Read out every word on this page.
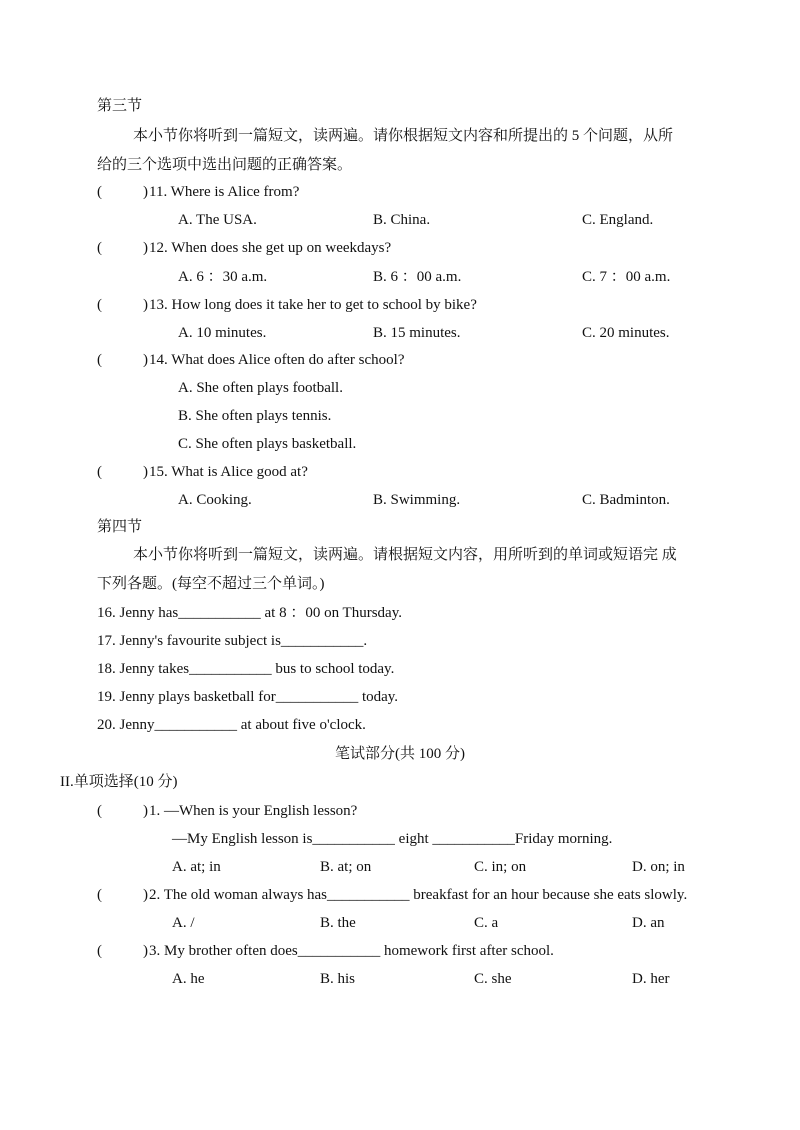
第三节
本小节你将听到一篇短文，读两遍。请你根据短文内容和所提出的 5 个问题，从所
给的三个选项中选出问题的正确答案。
(	) 11. Where is Alice from?
A. The USA.	B. China.	C. England.
(	) 12. When does she get up on weekdays?
A. 6 ：30 a.m.	B. 6 ：00 a.m.	C. 7 ：00 a.m.
(	) 13. How long does it take her to get to school by bike?
A. 10 minutes.	B. 15 minutes.	C. 20 minutes.
(	) 14. What does Alice often do after school?
A. She often plays football.
B. She often plays tennis.
C. She often plays basketball.
(	) 15. What is Alice good at?
A. Cooking.	B. Swimming.	C. Badminton.
第四节
本小节你将听到一篇短文，读两遍。请根据短文内容，用所听到的单词或短语完 成
下列各题。(每空不超过三个单词。)
16. Jenny has___________ at 8 ：00 on Thursday.
17. Jenny's favourite subject is___________.
18. Jenny takes___________ bus to school today.
19. Jenny plays basketball for___________ today.
20. Jenny___________ at about five o'clock.
笔试部分(共 100 分)
II.单项选择(10 分)
(	) 1. —When is your English lesson?
—My English lesson is___________ eight ___________Friday morning.
A. at; in	B. at; on	C. in; on	D. on; in
(	) 2. The old woman always has___________ breakfast for an hour because she eats slowly.
A. /	B. the	C. a	D. an
(	) 3. My brother often does___________ homework first after school.
A. he	B. his	C. she	D. her
